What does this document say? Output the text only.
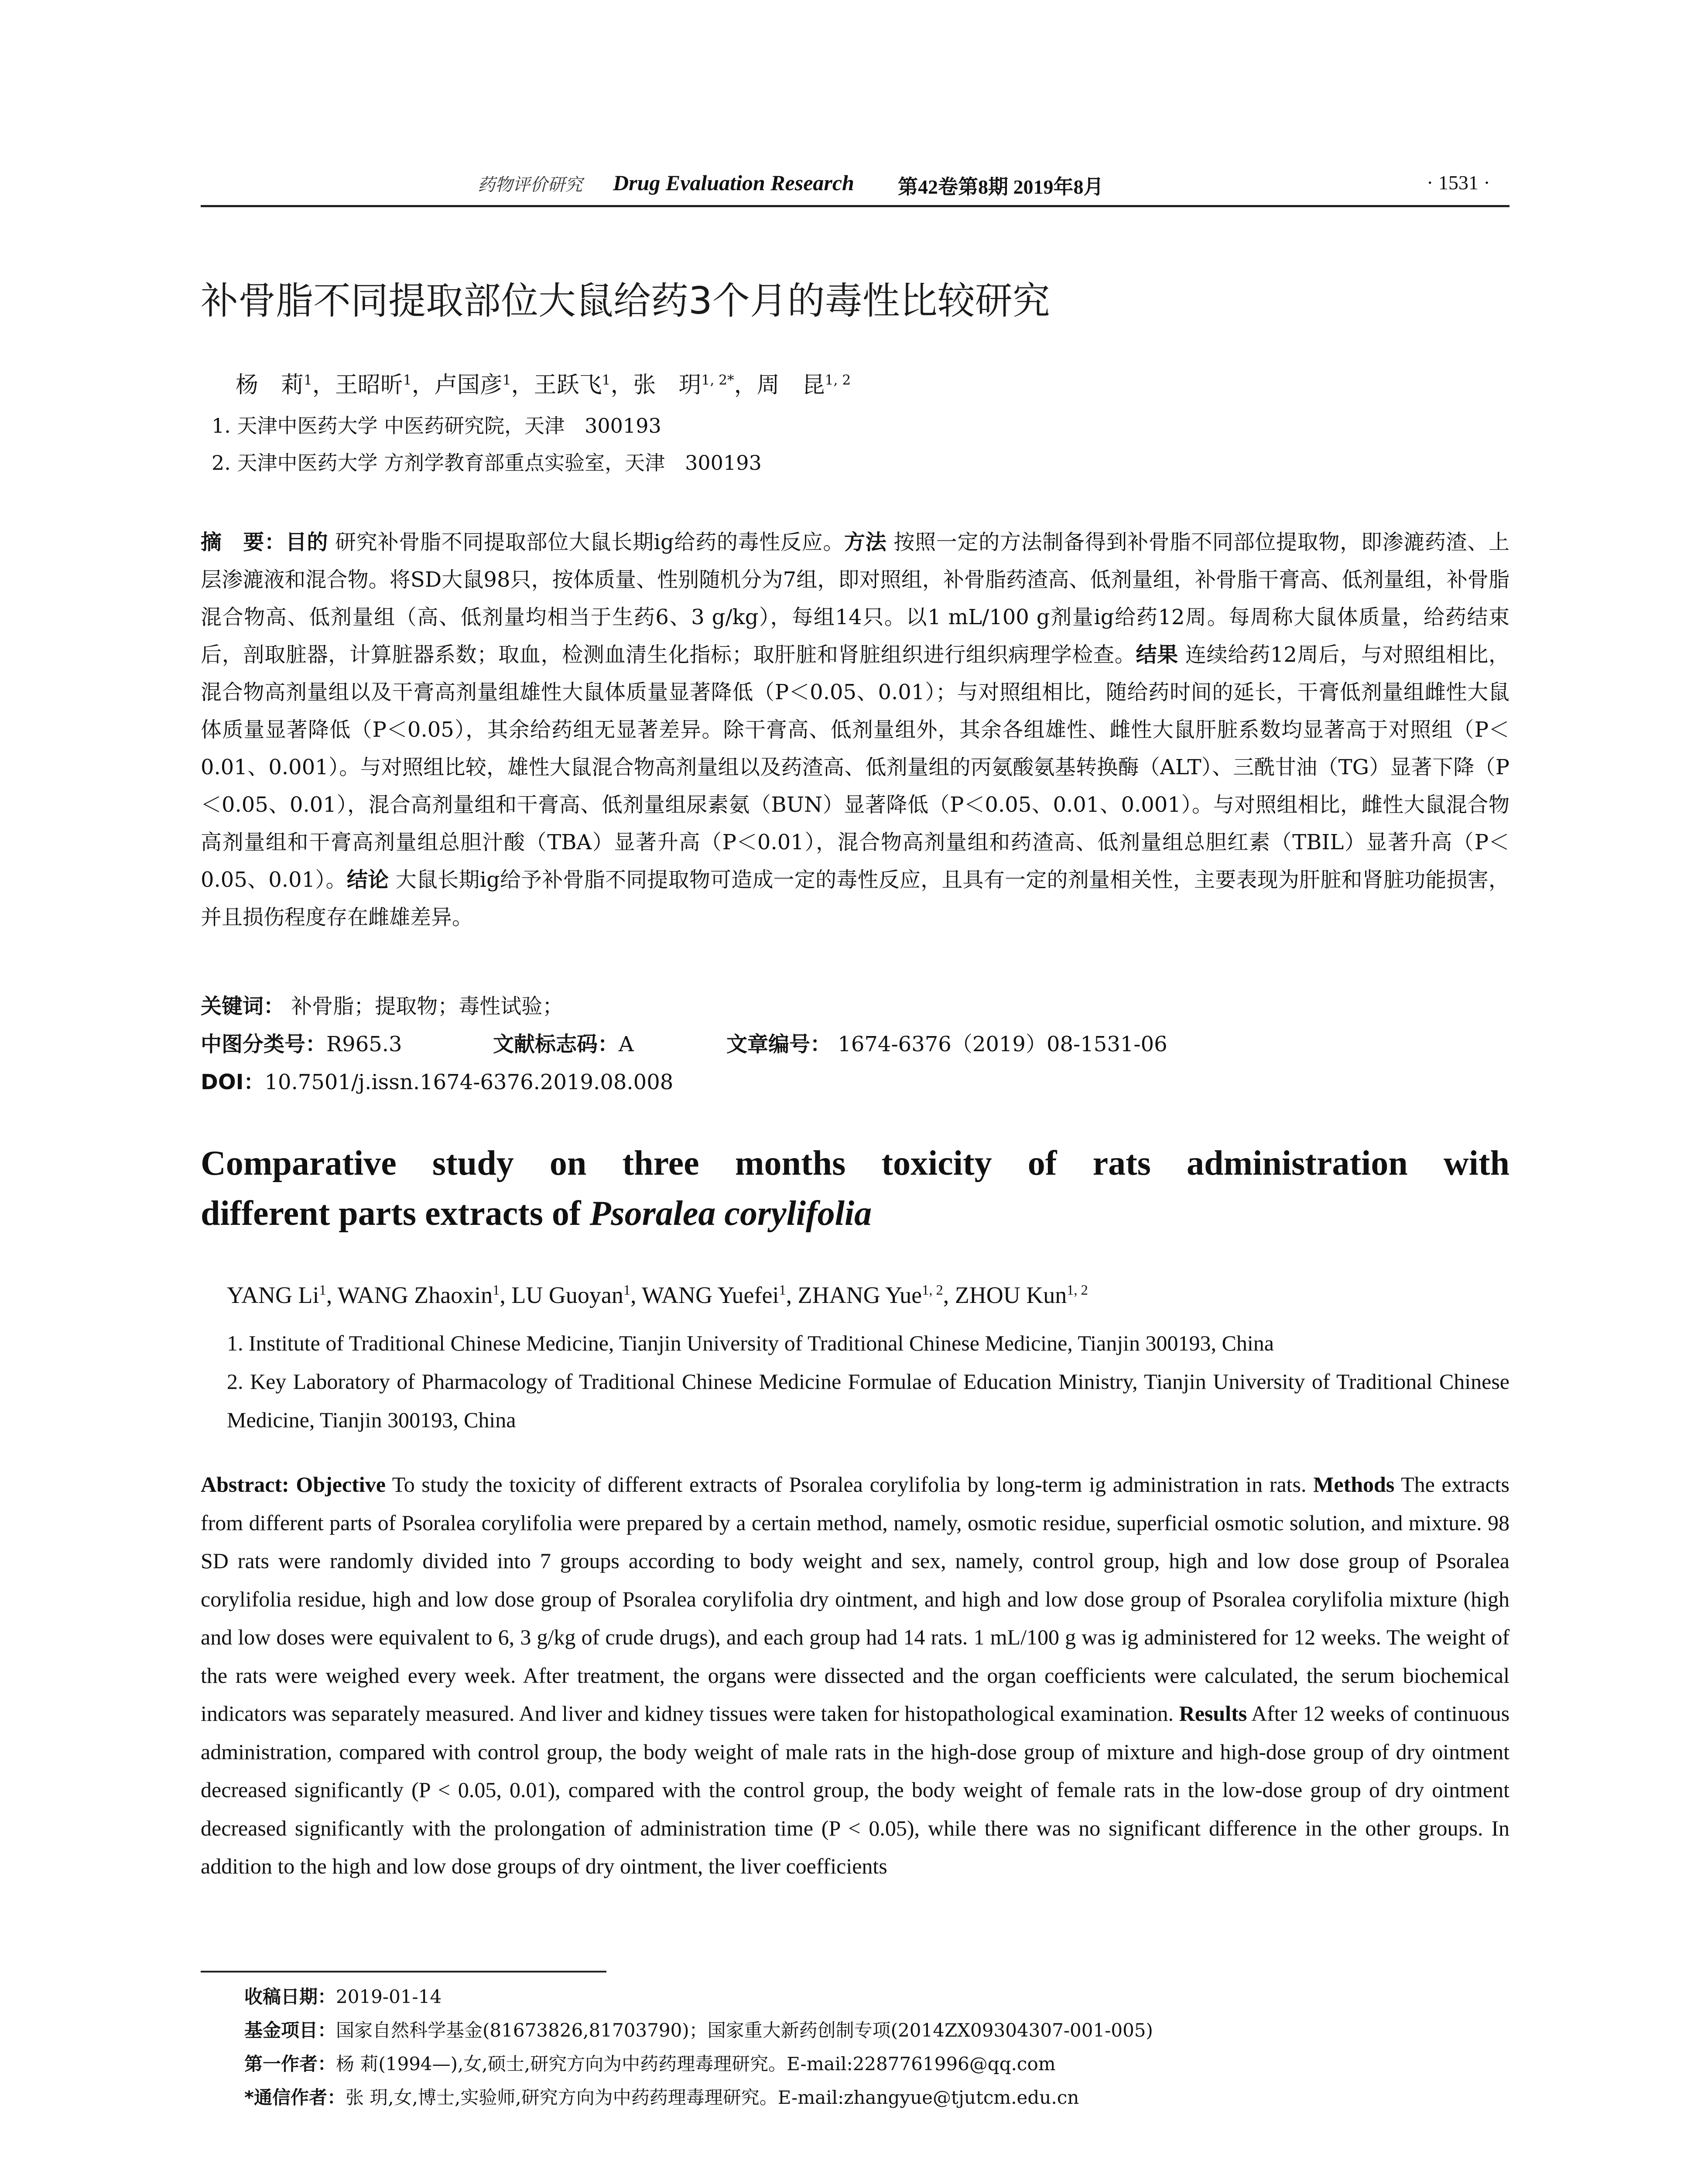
药物评价研究 Drug Evaluation Research 第42卷第8期 2019年8月	· 1531 ·
补骨脂不同提取部位大鼠给药3个月的毒性比较研究
杨　莉$^1$，王昭昕$^1$，卢国彦$^1$，王跃飞$^1$，张　玥$^{1, 2*}$，周　昆$^{1, 2}$
1. 天津中医药大学 中医药研究院，天津　300193
2. 天津中医药大学 方剂学教育部重点实验室，天津　300193
摘　要：目的 研究补骨脂不同提取部位大鼠长期ig给药的毒性反应。方法 按照一定的方法制备得到补骨脂不同部位提取物，即渗漉药渣、上层渗漉液和混合物。将SD大鼠98只，按体质量、性别随机分为7组，即对照组，补骨脂药渣高、低剂量组，补骨脂干膏高、低剂量组，补骨脂混合物高、低剂量组（高、低剂量均相当于生药6、3 g/kg），每组14只。以1 mL/100 g剂量ig给药12周。每周称大鼠体质量，给药结束后，剖取脏器，计算脏器系数；取血，检测血清生化指标；取肝脏和肾脏组织进行组织病理学检查。结果 连续给药12周后，与对照组相比，混合物高剂量组以及干膏高剂量组雄性大鼠体质量显著降低（P＜0.05、0.01）；与对照组相比，随给药时间的延长，干膏低剂量组雌性大鼠体质量显著降低（P＜0.05），其余给药组无显著差异。除干膏高、低剂量组外，其余各组雄性、雌性大鼠肝脏系数均显著高于对照组（P＜0.01、0.001）。与对照组比较，雄性大鼠混合物高剂量组以及药渣高、低剂量组的丙氨酸氨基转换酶（ALT）、三酰甘油（TG）显著下降（P＜0.05、0.01），混合高剂量组和干膏高、低剂量组尿素氨（BUN）显著降低（P＜0.05、0.01、0.001）。与对照组相比，雌性大鼠混合物高剂量组和干膏高剂量组总胆汁酸（TBA）显著升高（P＜0.01），混合物高剂量组和药渣高、低剂量组总胆红素（TBIL）显著升高（P＜0.05、0.01）。结论 大鼠长期ig给予补骨脂不同提取物可造成一定的毒性反应，且具有一定的剂量相关性，主要表现为肝脏和肾脏功能损害，并且损伤程度存在雌雄差异。
关键词： 补骨脂；提取物；毒性试验；
中图分类号：R965.3	文献标志码：A	文章编号： 1674-6376（2019）08-1531-06
DOI：10.7501/j.issn.1674-6376.2019.08.008
Comparative study on three months toxicity of rats administration with
different parts extracts of Psoralea corylifolia
YANG Li$^1$, WANG Zhaoxin$^1$, LU Guoyan$^1$, WANG Yuefei$^1$, ZHANG Yue$^{1, 2}$, ZHOU Kun$^{1, 2}$
1. Institute of Traditional Chinese Medicine, Tianjin University of Traditional Chinese Medicine, Tianjin 300193, China
2. Key Laboratory of Pharmacology of Traditional Chinese Medicine Formulae of Education Ministry, Tianjin University of Traditional Chinese Medicine, Tianjin 300193, China
Abstract: Objective To study the toxicity of different extracts of Psoralea corylifolia by long-term ig administration in rats. Methods The extracts from different parts of Psoralea corylifolia were prepared by a certain method, namely, osmotic residue, superficial osmotic solution, and mixture. 98 SD rats were randomly divided into 7 groups according to body weight and sex, namely, control group, high and low dose group of Psoralea corylifolia residue, high and low dose group of Psoralea corylifolia dry ointment, and high and low dose group of Psoralea corylifolia mixture (high and low doses were equivalent to 6, 3 g/kg of crude drugs), and each group had 14 rats. 1 mL/100 g was ig administered for 12 weeks. The weight of the rats were weighed every week. After treatment, the organs were dissected and the organ coefficients were calculated, the serum biochemical indicators was separately measured. And liver and kidney tissues were taken for histopathological examination. Results After 12 weeks of continuous administration, compared with control group, the body weight of male rats in the high-dose group of mixture and high-dose group of dry ointment decreased significantly (P < 0.05, 0.01), compared with the control group, the body weight of female rats in the low-dose group of dry ointment decreased significantly with the prolongation of administration time (P < 0.05), while there was no significant difference in the other groups. In addition to the high and low dose groups of dry ointment, the liver coefficients
收稿日期：2019-01-14
基金项目：国家自然科学基金(81673826,81703790)；国家重大新药创制专项(2014ZX09304307-001-005)
第一作者：杨 莉(1994—),女,硕士,研究方向为中药药理毒理研究。E-mail:2287761996@qq.com
*通信作者：张 玥,女,博士,实验师,研究方向为中药药理毒理研究。E-mail:zhangyue@tjutcm.edu.cn
